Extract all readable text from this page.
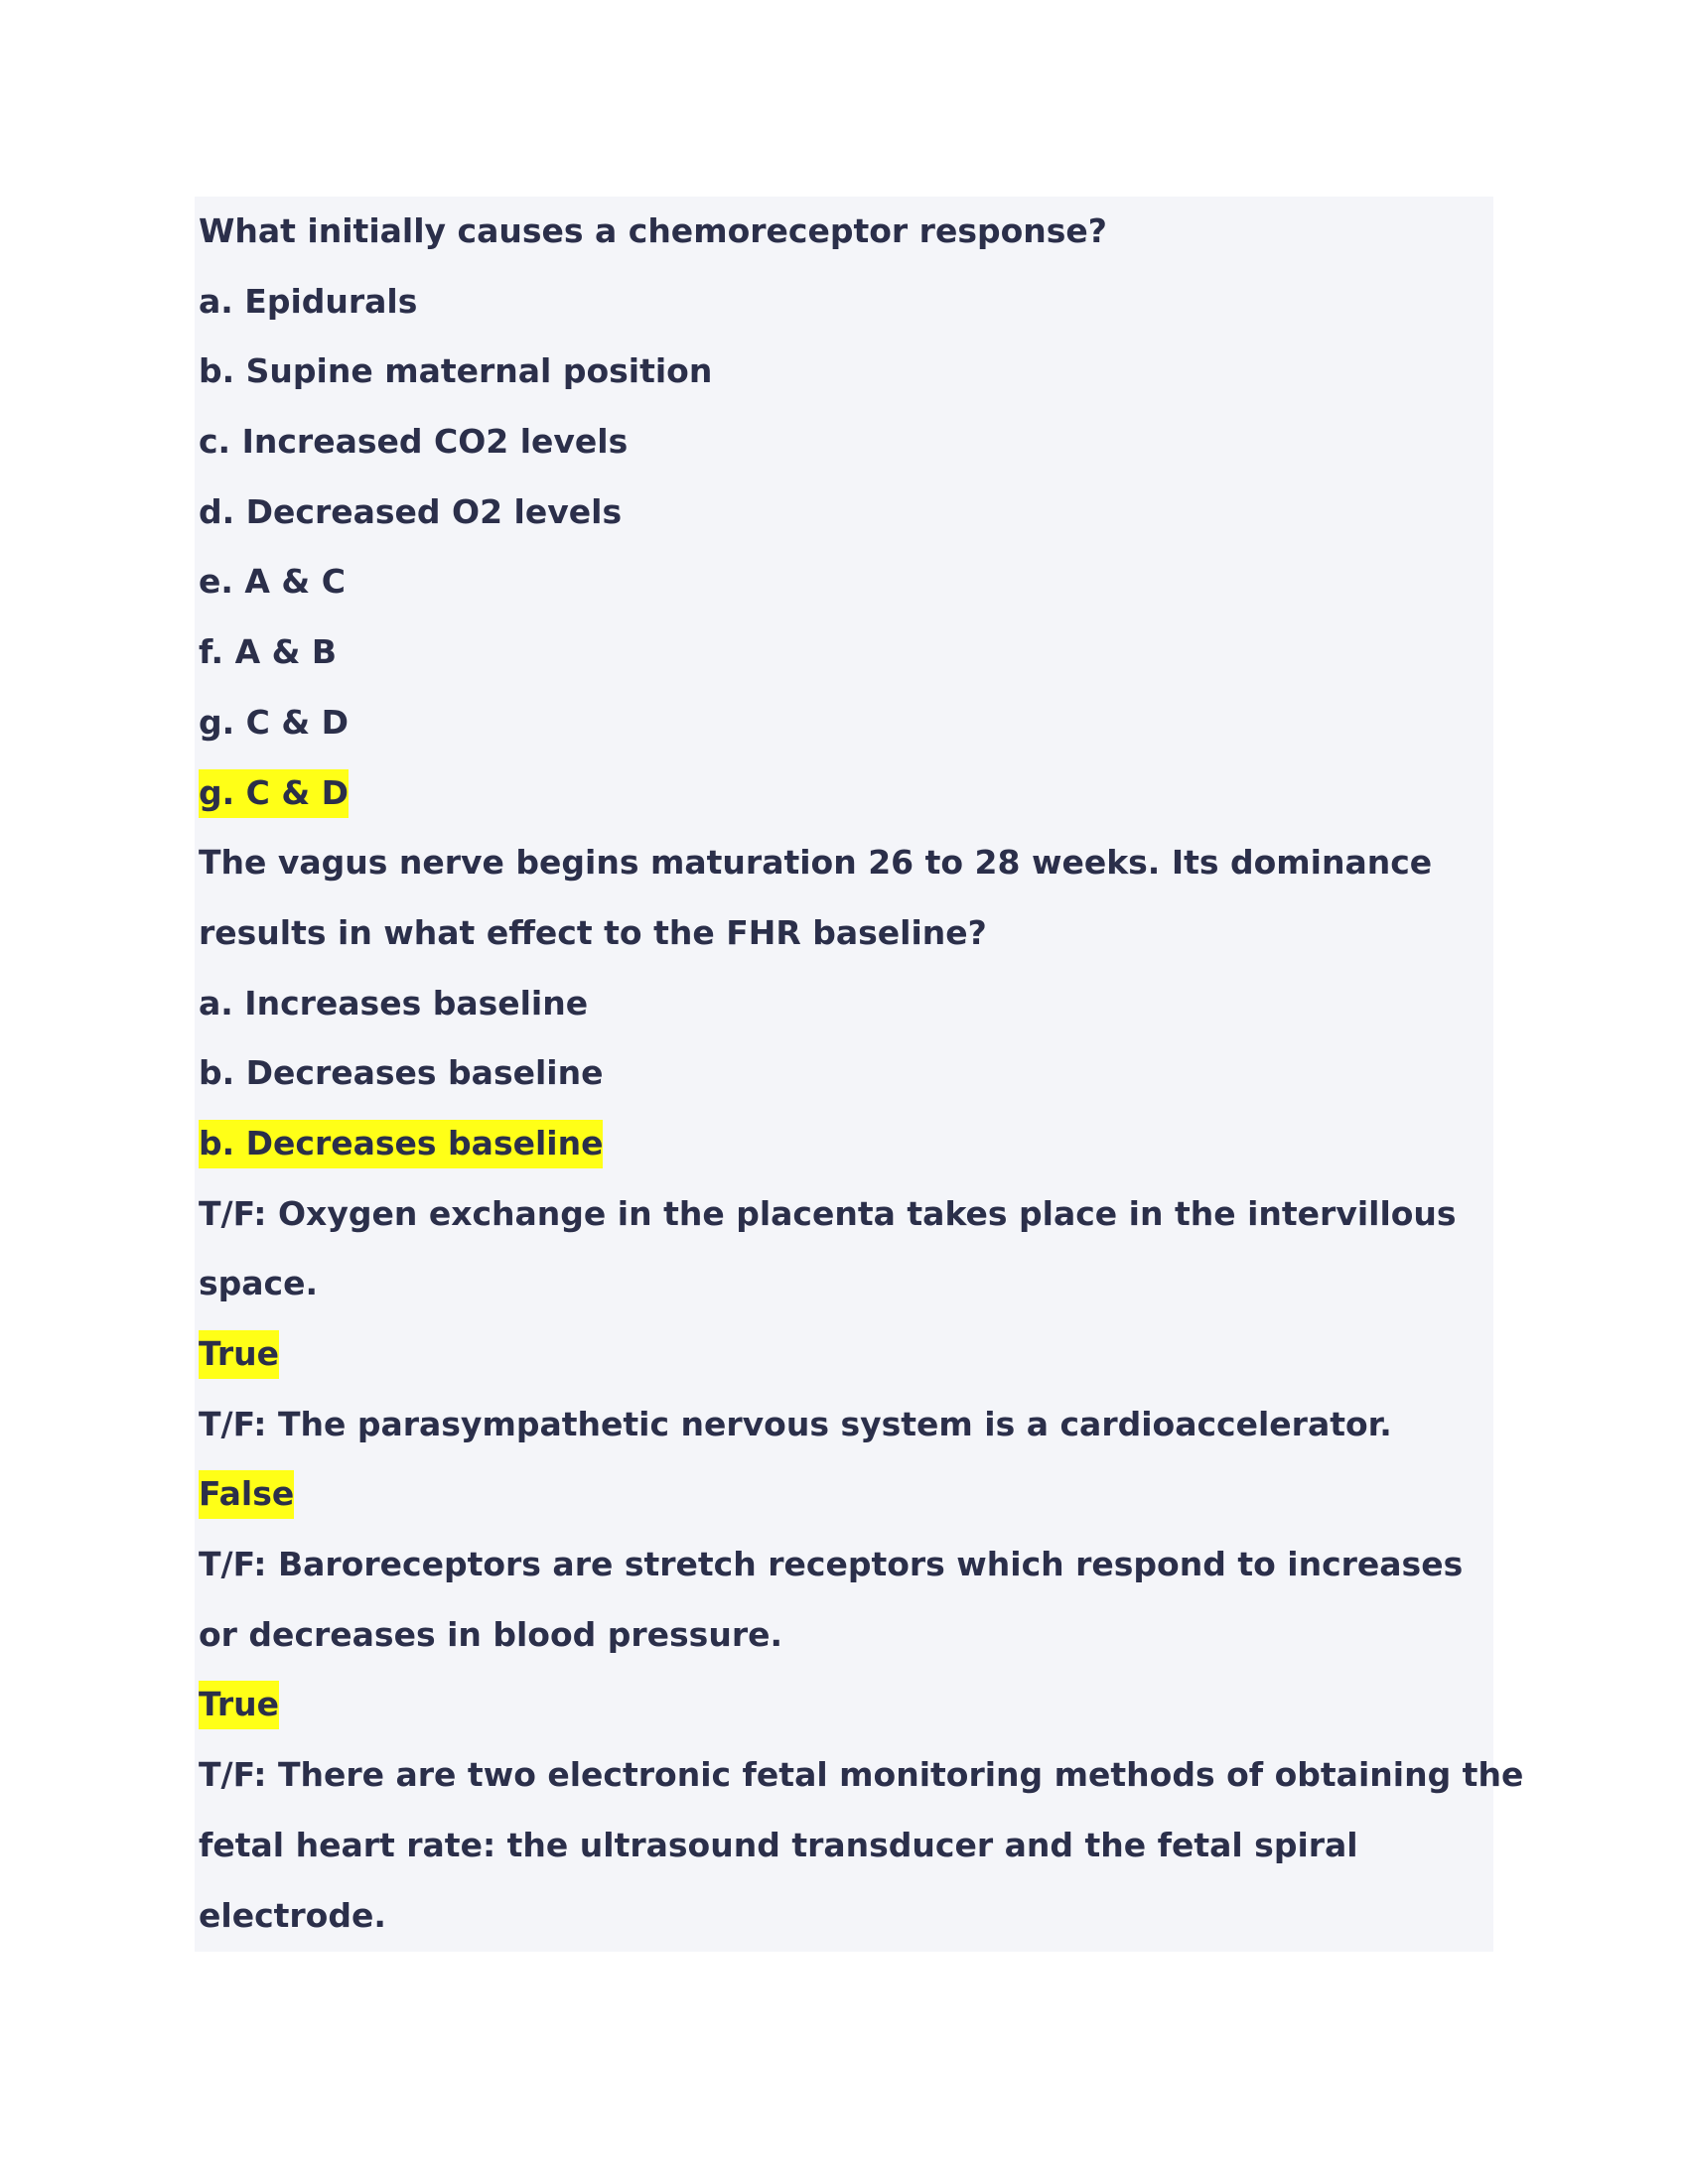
What initially causes a chemoreceptor response?
a. Epidurals
b. Supine maternal position
c. Increased CO2 levels
d. Decreased O2 levels
e. A & C
f. A & B
g. C & D
g. C & D
The vagus nerve begins maturation 26 to 28 weeks. Its dominance
results in what effect to the FHR baseline?
a. Increases baseline
b. Decreases baseline
b. Decreases baseline
T/F: Oxygen exchange in the placenta takes place in the intervillous
space.
True
T/F: The parasympathetic nervous system is a cardioaccelerator.
False
T/F: Baroreceptors are stretch receptors which respond to increases
or decreases in blood pressure.
True
T/F: There are two electronic fetal monitoring methods of obtaining the
fetal heart rate: the ultrasound transducer and the fetal spiral
electrode.
